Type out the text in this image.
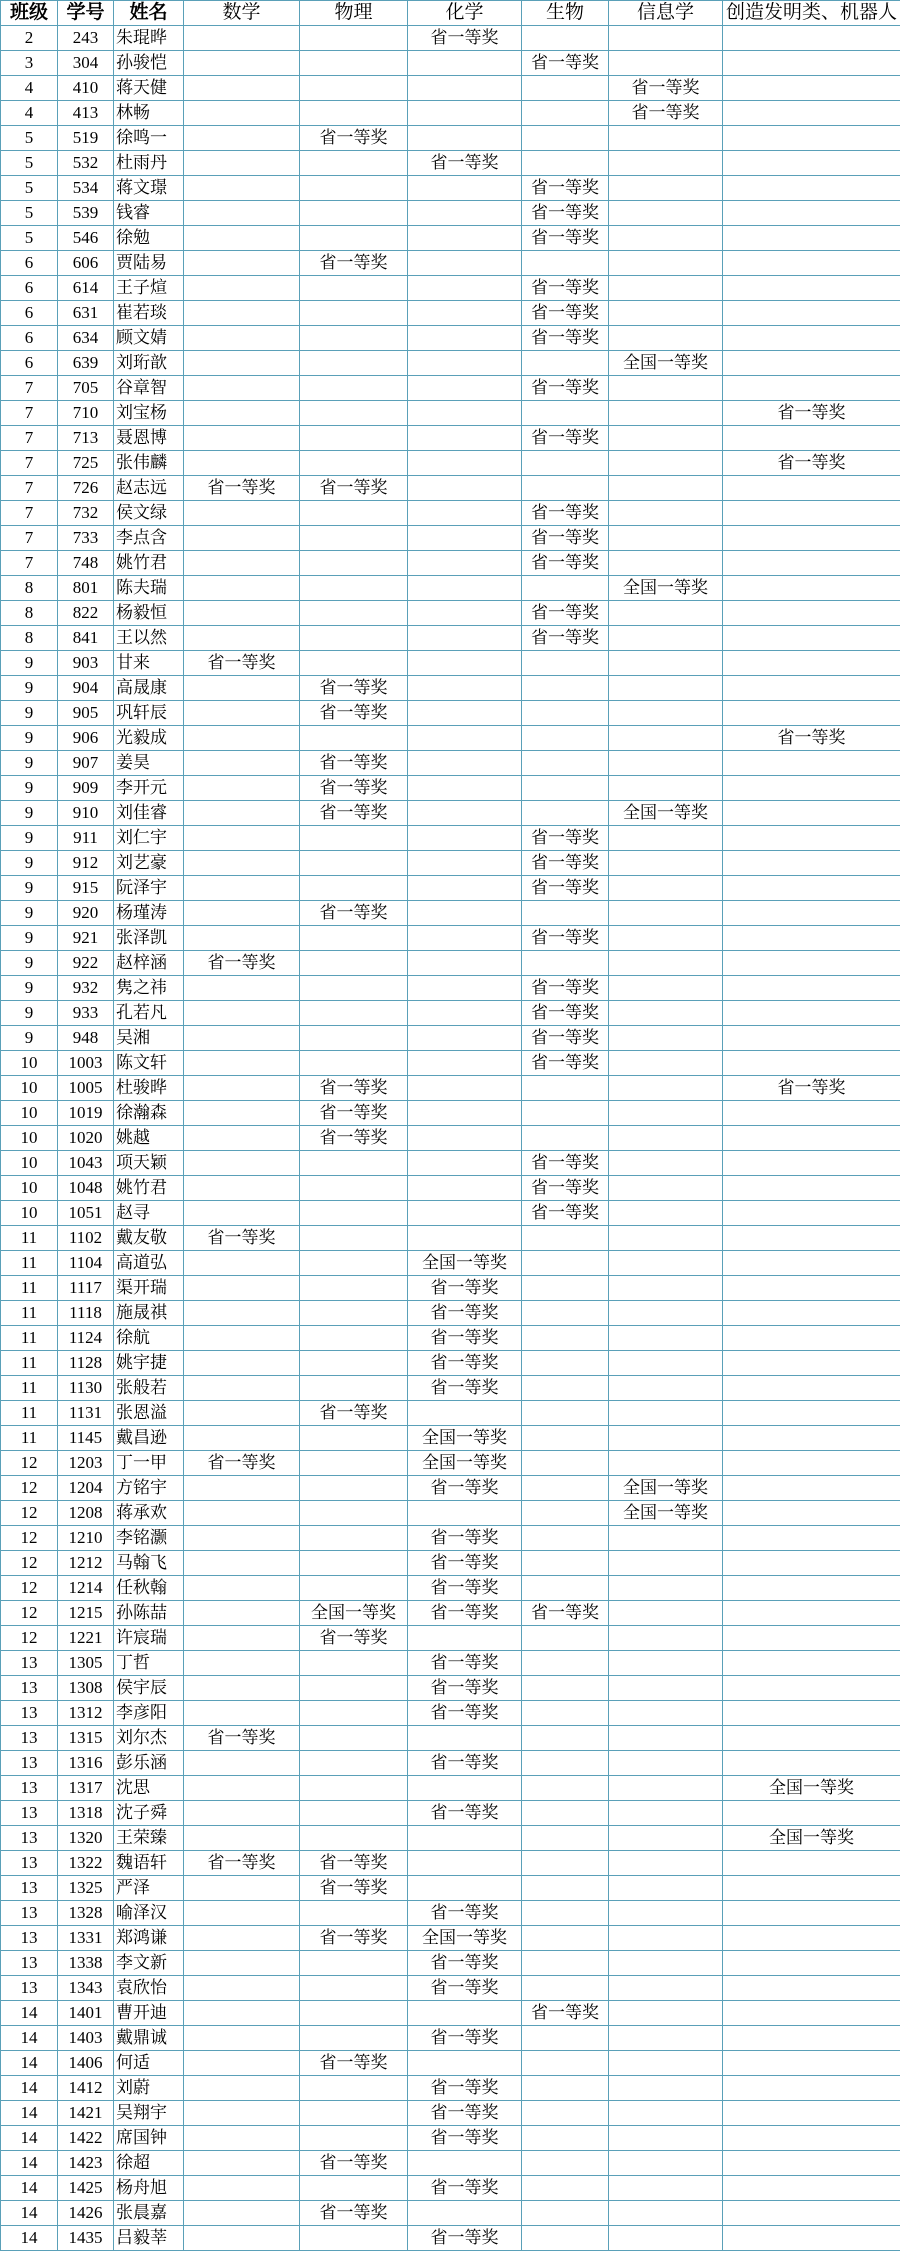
班级	学号	姓名	数学	物理	化学	生物	信息学	创造发明类、机器人
2	243	朱琨晔			省一等奖			
3	304	孙骏恺				省一等奖		
4	410	蒋天健					省一等奖	
4	413	林畅					省一等奖	
5	519	徐鸣一		省一等奖				
5	532	杜雨丹			省一等奖			
5	534	蒋文璟				省一等奖		
5	539	钱睿				省一等奖		
5	546	徐勉				省一等奖		
6	606	贾陆易		省一等奖				
6	614	王子煊				省一等奖		
6	631	崔若琰				省一等奖		
6	634	顾文婧				省一等奖		
6	639	刘珩歆					全国一等奖	
7	705	谷章智				省一等奖		
7	710	刘宝杨						省一等奖
7	713	聂恩博				省一等奖		
7	725	张伟麟						省一等奖
7	726	赵志远	省一等奖	省一等奖				
7	732	侯文绿				省一等奖		
7	733	李点含				省一等奖		
7	748	姚竹君				省一等奖		
8	801	陈夫瑞					全国一等奖	
8	822	杨毅恒				省一等奖		
8	841	王以然				省一等奖		
9	903	甘来	省一等奖					
9	904	高晟康		省一等奖				
9	905	巩轩辰		省一等奖				
9	906	光毅成						省一等奖
9	907	姜昊		省一等奖				
9	909	李开元		省一等奖				
9	910	刘佳睿		省一等奖			全国一等奖	
9	911	刘仁宇				省一等奖		
9	912	刘艺豪				省一等奖		
9	915	阮泽宇				省一等奖		
9	920	杨瑾涛		省一等奖				
9	921	张泽凯				省一等奖		
9	922	赵梓涵	省一等奖					
9	932	隽之祎				省一等奖		
9	933	孔若凡				省一等奖		
9	948	吴湘				省一等奖		
10	1003	陈文轩				省一等奖		
10	1005	杜骏晔		省一等奖				省一等奖
10	1019	徐瀚森		省一等奖				
10	1020	姚越		省一等奖				
10	1043	项天颖				省一等奖		
10	1048	姚竹君				省一等奖		
10	1051	赵寻				省一等奖		
11	1102	戴友敬	省一等奖					
11	1104	高道弘			全国一等奖			
11	1117	渠开瑞			省一等奖			
11	1118	施晟祺			省一等奖			
11	1124	徐航			省一等奖			
11	1128	姚宇捷			省一等奖			
11	1130	张般若			省一等奖			
11	1131	张恩溢		省一等奖				
11	1145	戴昌逊			全国一等奖			
12	1203	丁一甲	省一等奖		全国一等奖			
12	1204	方铭宇			省一等奖		全国一等奖	
12	1208	蒋承欢					全国一等奖	
12	1210	李铭灏			省一等奖			
12	1212	马翰飞			省一等奖			
12	1214	任秋翰			省一等奖			
12	1215	孙陈喆		全国一等奖	省一等奖	省一等奖		
12	1221	许宸瑞		省一等奖				
13	1305	丁哲			省一等奖			
13	1308	侯宇辰			省一等奖			
13	1312	李彦阳			省一等奖			
13	1315	刘尔杰	省一等奖					
13	1316	彭乐涵			省一等奖			
13	1317	沈思						全国一等奖
13	1318	沈子舜			省一等奖			
13	1320	王荣臻						全国一等奖
13	1322	魏语轩	省一等奖	省一等奖				
13	1325	严泽		省一等奖				
13	1328	喻泽汉			省一等奖			
13	1331	郑鸿谦		省一等奖	全国一等奖			
13	1338	李文新			省一等奖			
13	1343	袁欣怡			省一等奖			
14	1401	曹开迪				省一等奖		
14	1403	戴鼎诚			省一等奖			
14	1406	何适		省一等奖				
14	1412	刘蔚			省一等奖			
14	1421	吴翔宇			省一等奖			
14	1422	席国钟			省一等奖			
14	1423	徐超		省一等奖				
14	1425	杨舟旭			省一等奖			
14	1426	张晨嘉		省一等奖				
14	1435	吕毅莘			省一等奖			
